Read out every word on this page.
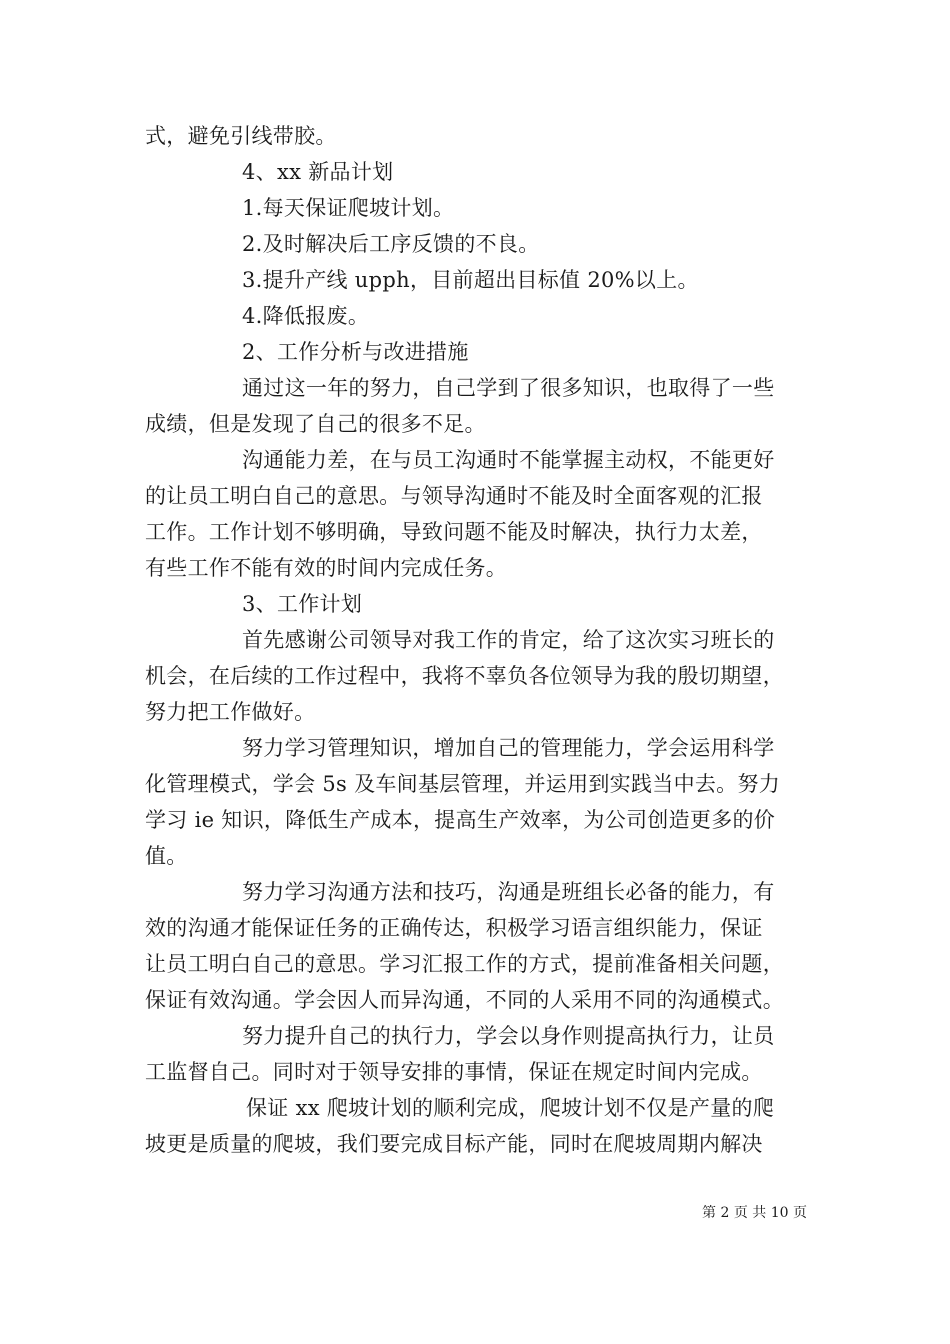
式，避免引线带胶。
4、xx 新品计划
1.每天保证爬坡计划。
2.及时解决后工序反馈的不良。
3.提升产线 upph，目前超出目标值 20%以上。
4.降低报废。
2、工作分析与改进措施
通过这一年的努力，自己学到了很多知识，也取得了一些
成绩，但是发现了自己的很多不足。
沟通能力差，在与员工沟通时不能掌握主动权，不能更好
的让员工明白自己的意思。与领导沟通时不能及时全面客观的汇报
工作。工作计划不够明确，导致问题不能及时解决，执行力太差，
有些工作不能有效的时间内完成任务。
3、工作计划
首先感谢公司领导对我工作的肯定，给了这次实习班长的
机会，在后续的工作过程中，我将不辜负各位领导为我的殷切期望，
努力把工作做好。
努力学习管理知识，增加自己的管理能力，学会运用科学
化管理模式，学会 5s 及车间基层管理，并运用到实践当中去。努力
学习 ie 知识，降低生产成本，提高生产效率，为公司创造更多的价
值。
努力学习沟通方法和技巧，沟通是班组长必备的能力，有
效的沟通才能保证任务的正确传达，积极学习语言组织能力，保证
让员工明白自己的意思。学习汇报工作的方式，提前准备相关问题，
保证有效沟通。学会因人而异沟通，不同的人采用不同的沟通模式。
努力提升自己的执行力，学会以身作则提高执行力，让员
工监督自己。同时对于领导安排的事情，保证在规定时间内完成。
保证 xx 爬坡计划的顺利完成，爬坡计划不仅是产量的爬
坡更是质量的爬坡，我们要完成目标产能，同时在爬坡周期内解决
第 2 页 共 10 页
